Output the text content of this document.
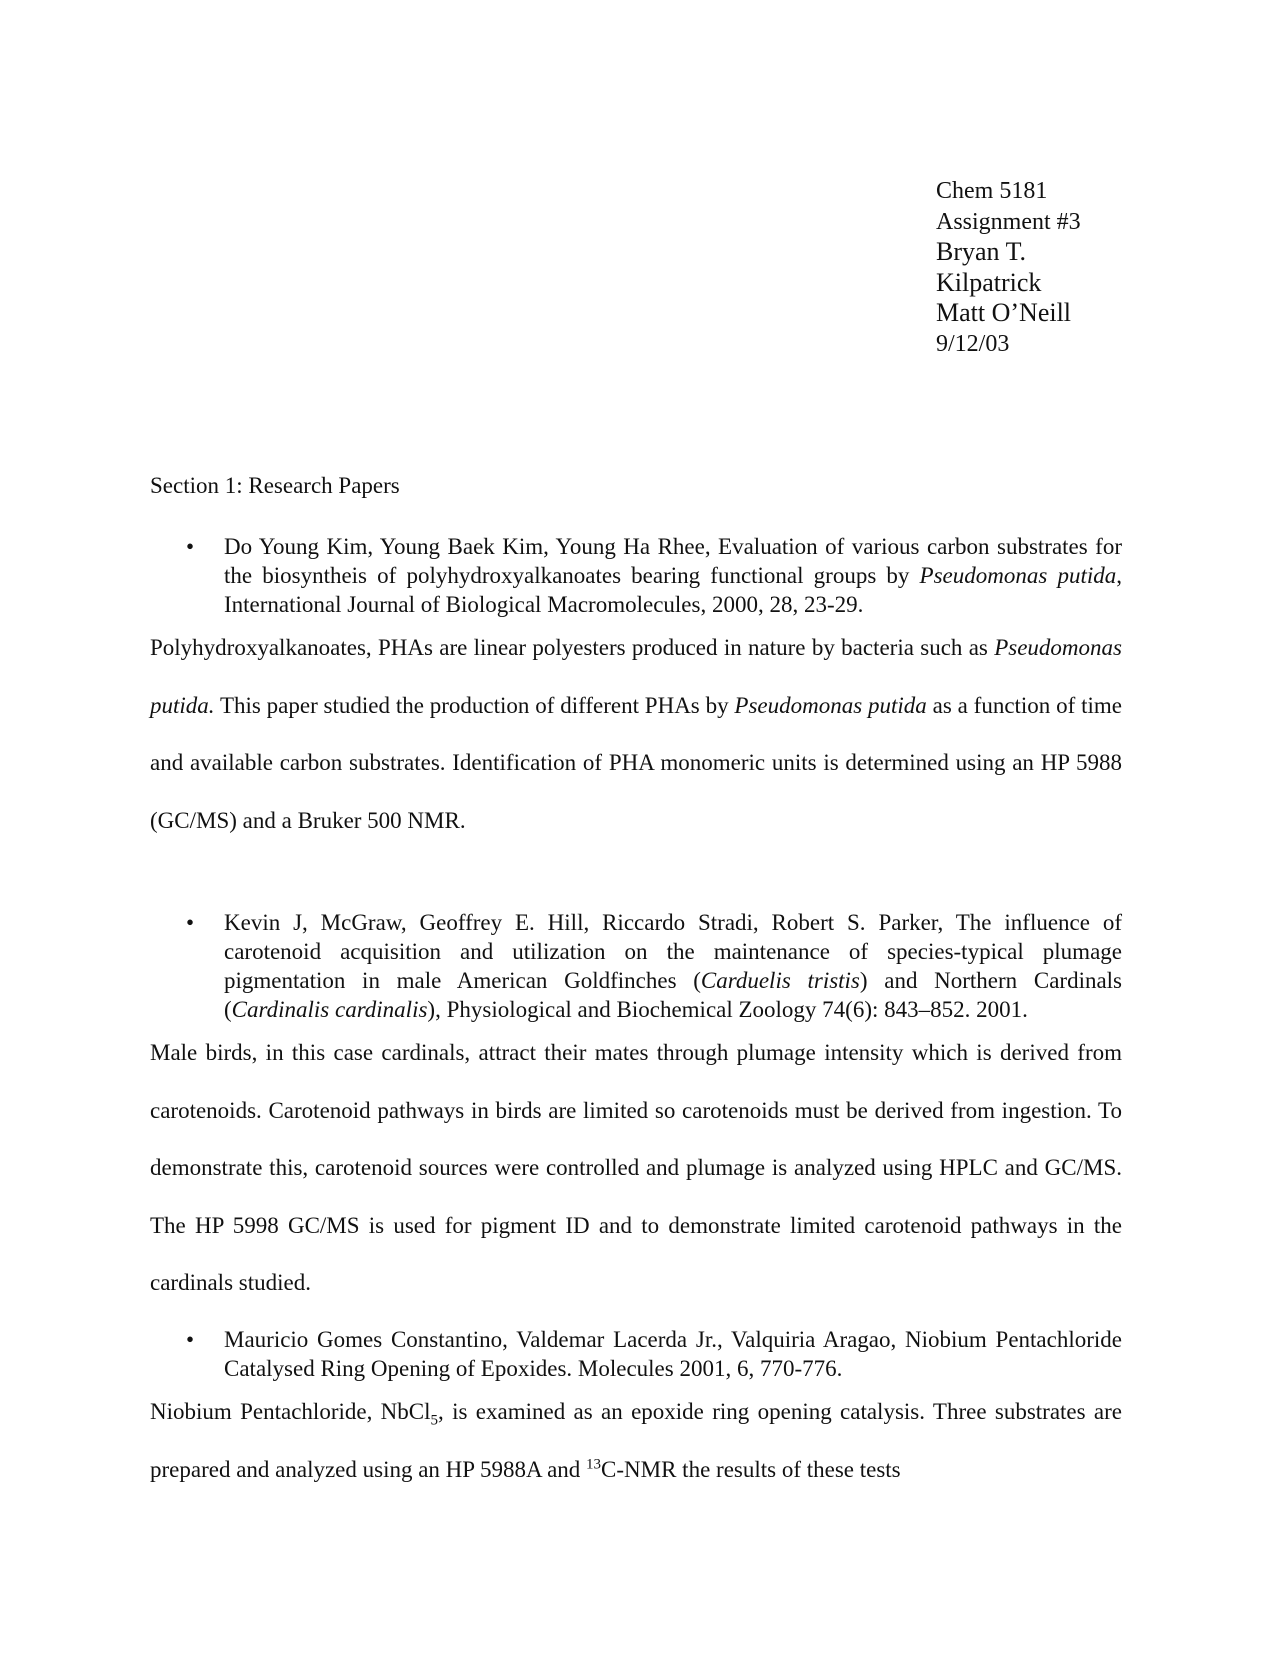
Chem 5181
Assignment #3
Bryan T.
Kilpatrick
Matt O’Neill
9/12/03
Section 1: Research Papers
• Do Young Kim, Young Baek Kim, Young Ha Rhee, Evaluation of various carbon substrates for the biosyntheis of polyhydroxyalkanoates bearing functional groups by Pseudomonas putida, International Journal of Biological Macromolecules, 2000, 28, 23-29.
Polyhydroxyalkanoates, PHAs are linear polyesters produced in nature by bacteria such as Pseudomonas putida. This paper studied the production of different PHAs by Pseudomonas putida as a function of time and available carbon substrates. Identification of PHA monomeric units is determined using an HP 5988 (GC/MS) and a Bruker 500 NMR.
• Kevin J, McGraw, Geoffrey E. Hill, Riccardo Stradi, Robert S. Parker, The influence of carotenoid acquisition and utilization on the maintenance of species-typical plumage pigmentation in male American Goldfinches (Carduelis tristis) and Northern Cardinals (Cardinalis cardinalis), Physiological and Biochemical Zoology 74(6): 843–852. 2001.
Male birds, in this case cardinals, attract their mates through plumage intensity which is derived from carotenoids. Carotenoid pathways in birds are limited so carotenoids must be derived from ingestion. To demonstrate this, carotenoid sources were controlled and plumage is analyzed using HPLC and GC/MS. The HP 5998 GC/MS is used for pigment ID and to demonstrate limited carotenoid pathways in the cardinals studied.
• Mauricio Gomes Constantino, Valdemar Lacerda Jr., Valquiria Aragao, Niobium Pentachloride Catalysed Ring Opening of Epoxides. Molecules 2001, 6, 770-776.
Niobium Pentachloride, NbCl$_5$, is examined as an epoxide ring opening catalysis. Three substrates are prepared and analyzed using an HP 5988A and $^{13}$C-NMR the results of these tests
